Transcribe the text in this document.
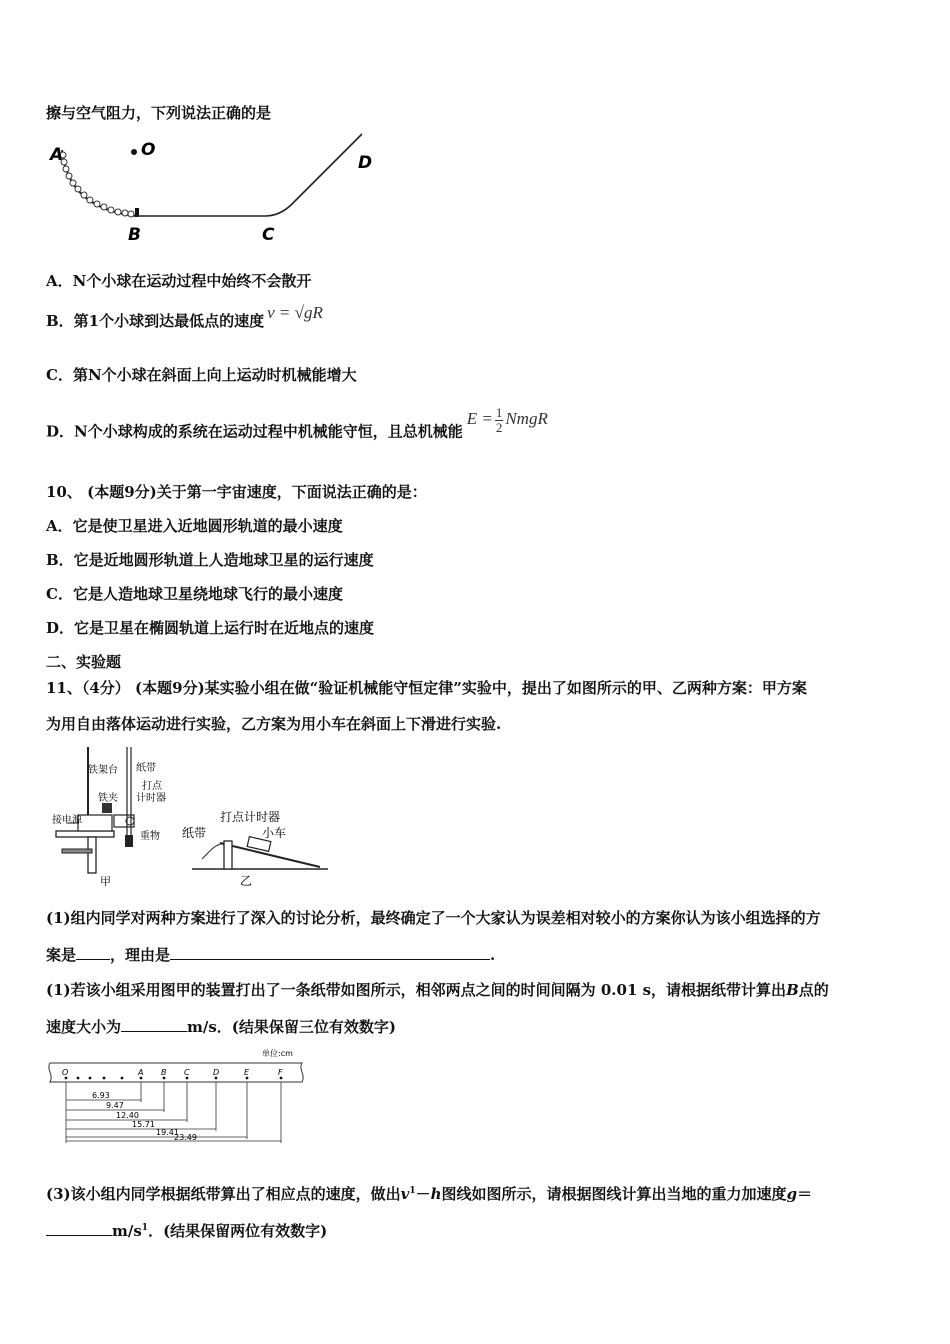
擦与空气阻力，下列说法正确的是
A	O
B	C
D
A．N个小球在运动过程中始终不会散开
B．第1个小球到达最低点的速度 v = √gR
C．第N个小球在斜面上向上运动时机械能增大
D．N个小球构成的系统在运动过程中机械能守恒，且总机械能$E = \frac{1}{2}$ NmgR
10、 (本题9分)关于第一宇宙速度，下面说法正确的是：
A．它是使卫星进入近地圆形轨道的最小速度
B．它是近地圆形轨道上人造地球卫星的运行速度
C．它是人造地球卫星绕地球飞行的最小速度
D．它是卫星在椭圆轨道上运行时在近地点的速度
二、实验题
11、（4分） (本题9分)某实验小组在做“验证机械能守恒定律”实验中，提出了如图所示的甲、乙两种方案：甲方案
为用自由落体运动进行实验，乙方案为用小车在斜面上下滑进行实验.
铁架台 纸带
打点
计时器
铁夹
接电源
重物
甲
打点计时器
小车
纸带
乙
(1)组内同学对两种方案进行了深入的讨论分析，最终确定了一个大家认为误差相对较小的方案你认为该小组选择的方
案是 ，理由是	.
(1)若该小组采用图甲的装置打出了一条纸带如图所示，相邻两点之间的时间间隔为 0.01 s，请根据纸带计算出B点的
速度大小为	m/s．(结果保留三位有效数字)
单位:cm
O	A B C	D	E	F
6.93
9.47
12.40
15.71
19.41
23.49
(3)该小组内同学根据纸带算出了相应点的速度，做出$v^1-h$图线如图所示，请根据图线计算出当地的重力加速度g＝
$m/s^1$．(结果保留两位有效数字)
